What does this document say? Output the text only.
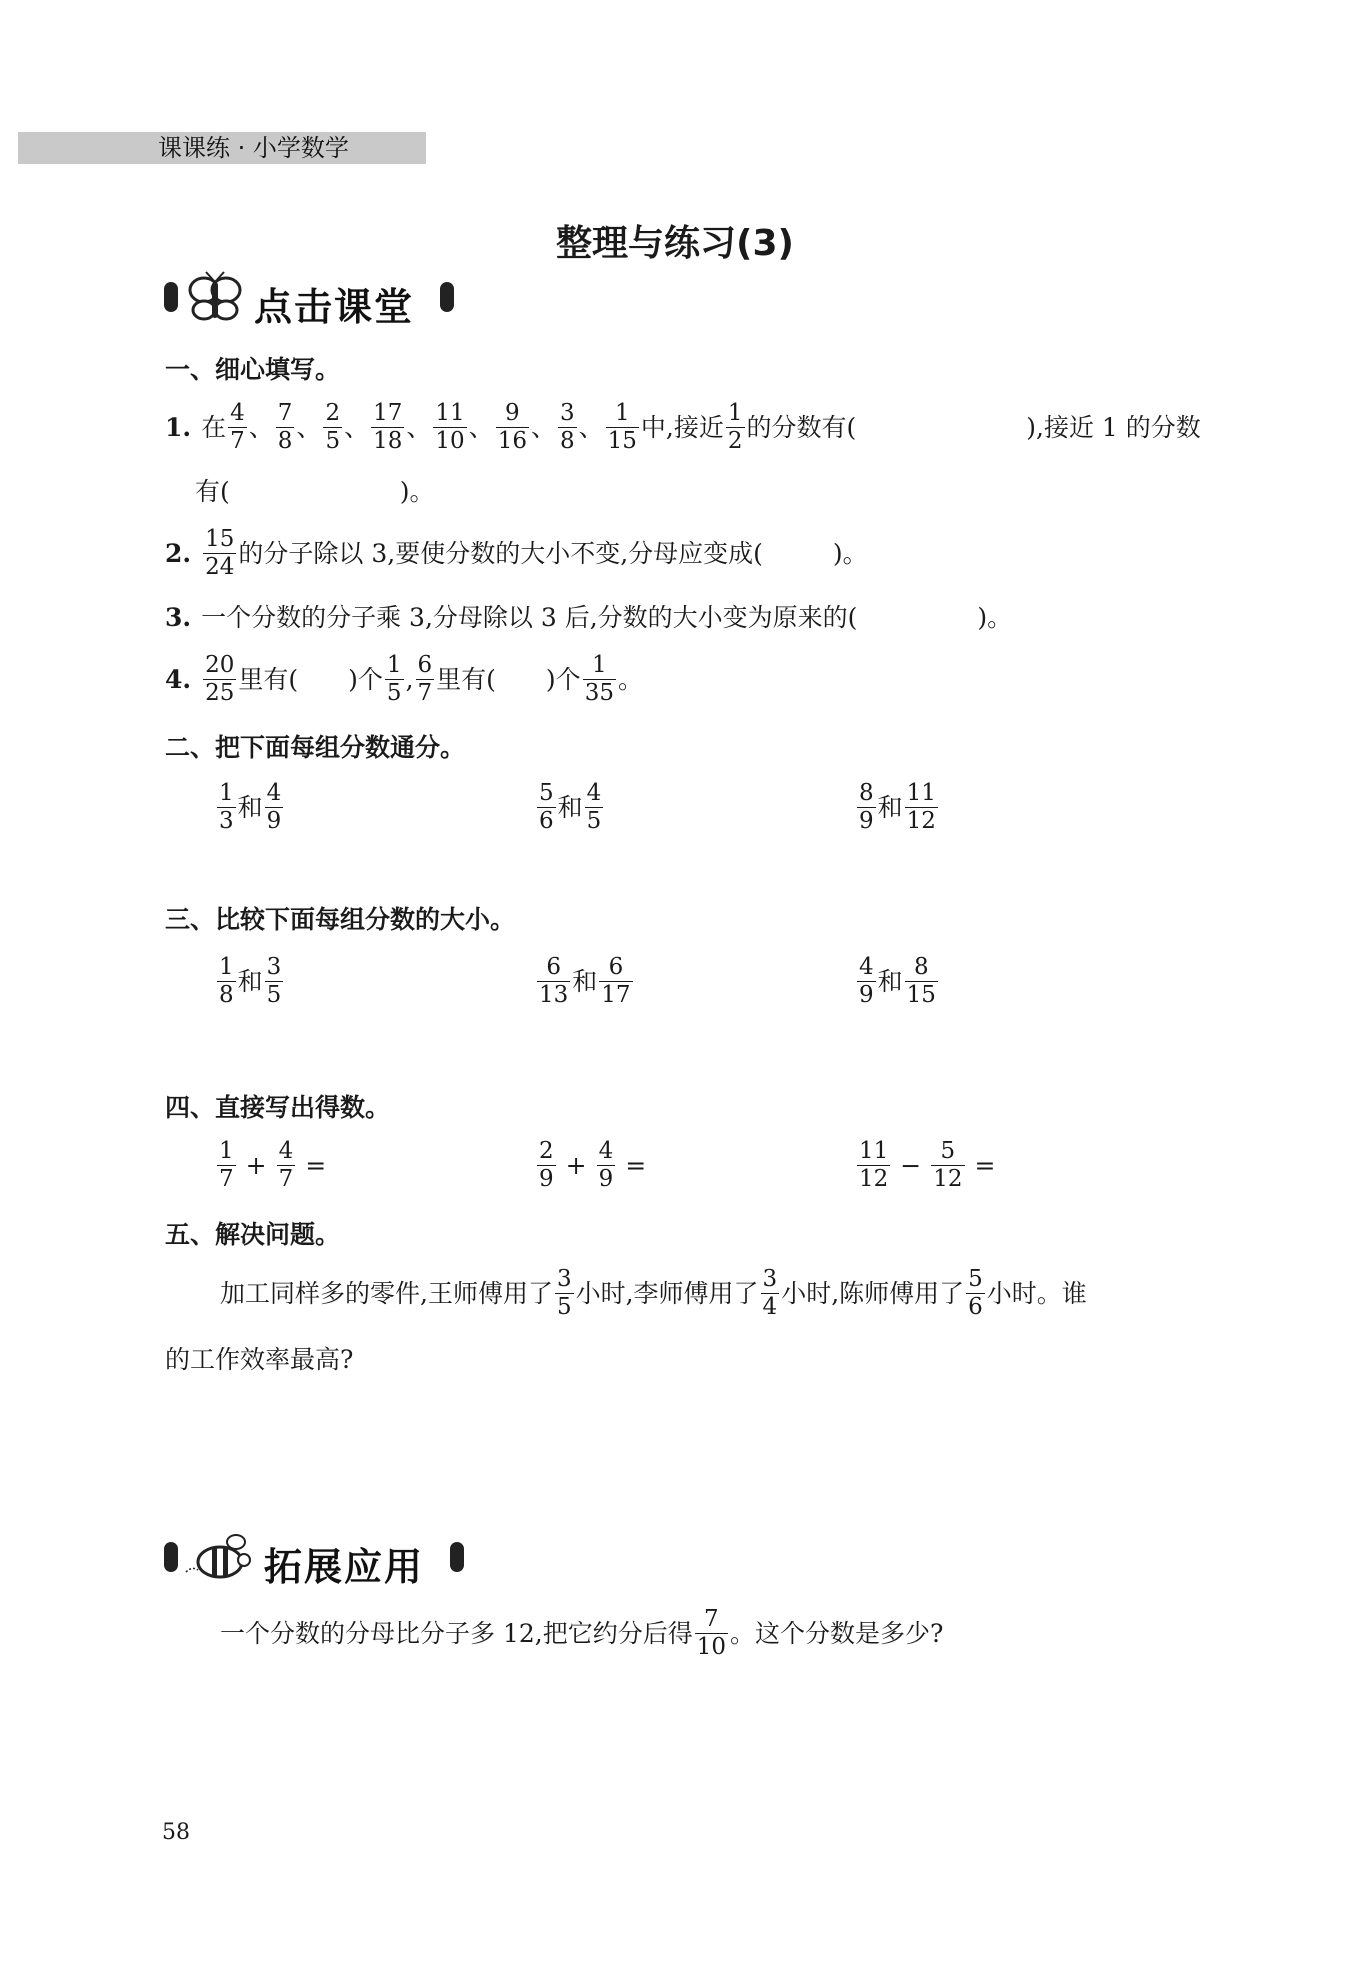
课课练 · 小学数学
整理与练习(3)
点击课堂
一、细心填写。
1. 在 $\frac{4}{7}$ 、 $\frac{7}{8}$ 、 $\frac{2}{5}$ 、 $\frac{17}{18}$ 、 $\frac{11}{10}$ 、 $\frac{9}{16}$ 、 $\frac{3}{8}$ 、 $\frac{1}{15}$ 中,接近 $\frac{1}{2}$ 的分数有(	),接近 1 的分数
有(	)。
2. $\frac{15}{24}$ 的分子除以 3,要使分数的大小不变,分母应变成(	)。
3. 一个分数的分子乘 3,分母除以 3 后,分数的大小变为原来的(	)。
4. $\frac{20}{25}$ 里有( )个 $\frac{1}{5}$ , $\frac{6}{7}$ 里有( )个 $\frac{1}{35}$ 。
二、把下面每组分数通分。
$\frac{1}{3}$ 和 $\frac{4}{9}$	$\frac{5}{6}$ 和 $\frac{4}{5}$	$\frac{8}{9}$ 和 $\frac{11}{12}$
三、比较下面每组分数的大小。
$\frac{1}{8}$ 和 $\frac{3}{5}$	$\frac{6}{13}$ 和 $\frac{6}{17}$	$\frac{4}{9}$ 和 $\frac{8}{15}$
四、直接写出得数。
$\frac{1}{7} + \frac{4}{7}$ =	$\frac{2}{9} + \frac{4}{9}$ =	$\frac{11}{12} - \frac{5}{12}$ =
五、解决问题。
加工同样多的零件,王师傅用了 $\frac{3}{5}$ 小时,李师傅用了 $\frac{3}{4}$ 小时,陈师傅用了 $\frac{5}{6}$ 小时。谁
的工作效率最高?
拓展应用
一个分数的分母比分子多 12,把它约分后得 $\frac{7}{10}$ 。这个分数是多少?
58
